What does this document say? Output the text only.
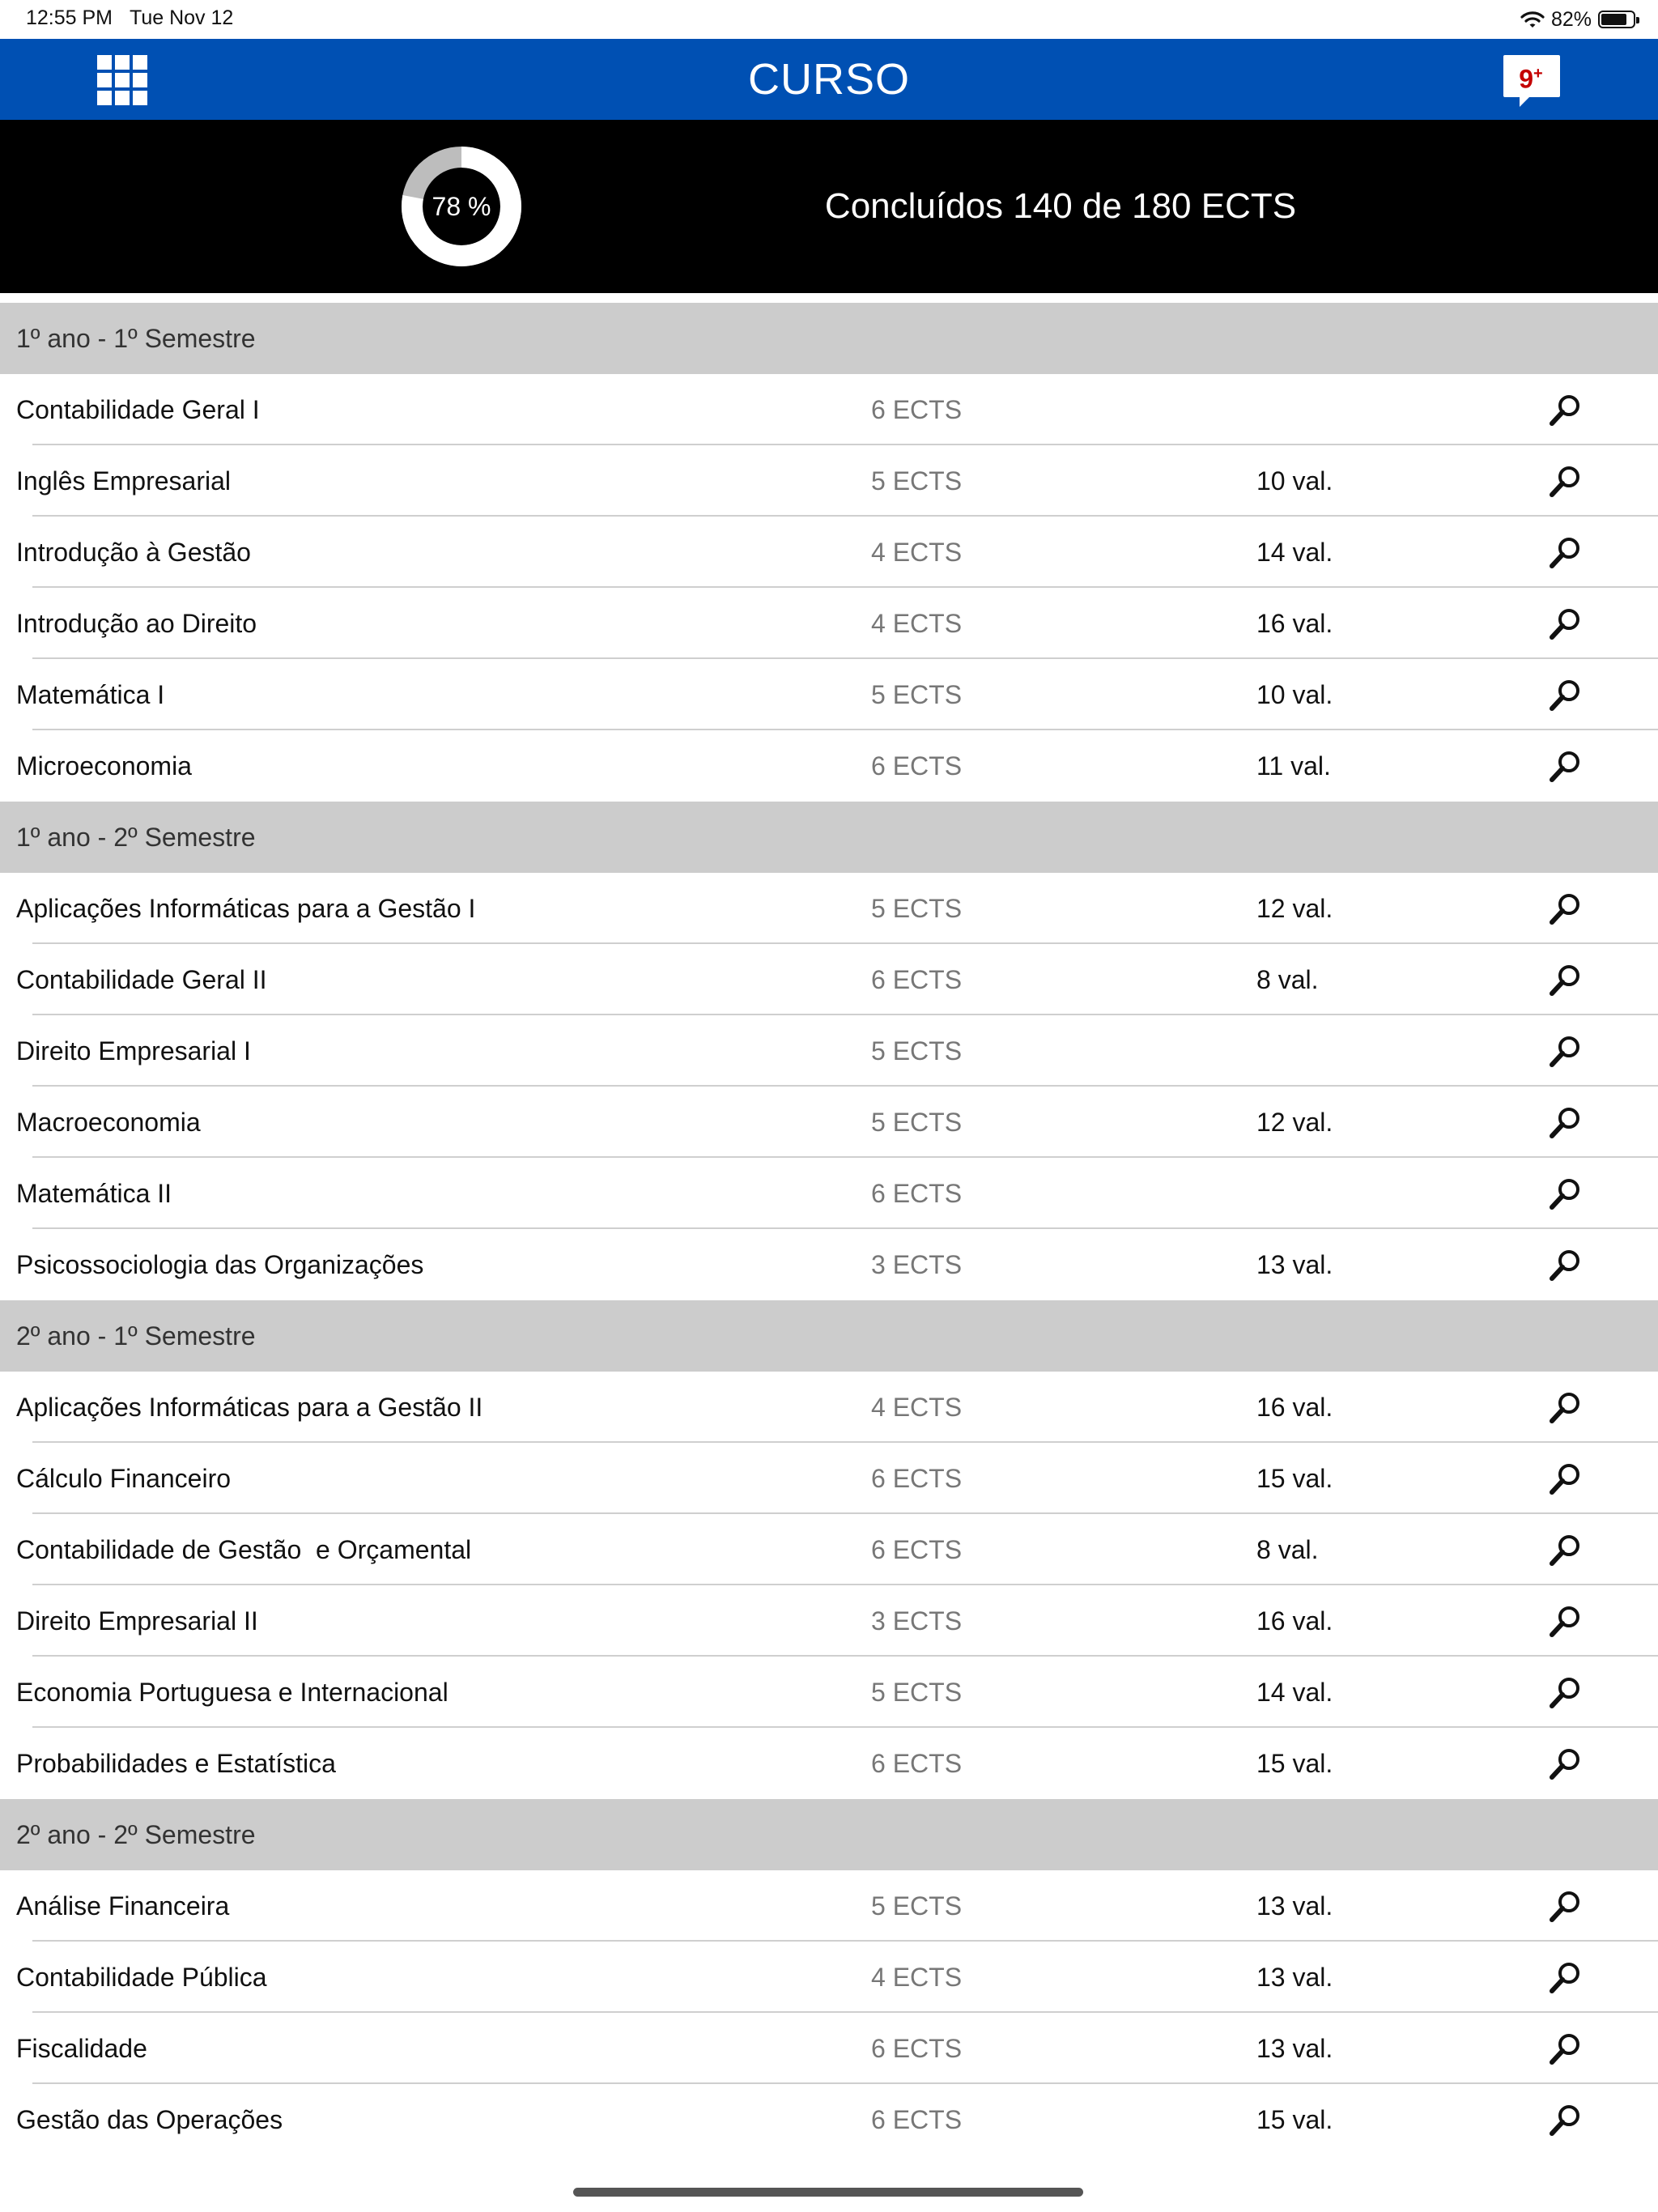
12:55 PM Tue Nov 12	82%
CURSO	9+
78 %	Concluídos 140 de 180 ECTS
1º ano - 1º Semestre
Contabilidade Geral I	6 ECTS
Inglês Empresarial	5 ECTS	10 val.
Introdução à Gestão	4 ECTS	14 val.
Introdução ao Direito	4 ECTS	16 val.
Matemática I	5 ECTS	10 val.
Microeconomia	6 ECTS	11 val.
1º ano - 2º Semestre
Aplicações Informáticas para a Gestão I	5 ECTS	12 val.
Contabilidade Geral II	6 ECTS	8 val.
Direito Empresarial I	5 ECTS
Macroeconomia	5 ECTS	12 val.
Matemática II	6 ECTS
Psicossociologia das Organizações	3 ECTS	13 val.
2º ano - 1º Semestre
Aplicações Informáticas para a Gestão II	4 ECTS	16 val.
Cálculo Financeiro	6 ECTS	15 val.
Contabilidade de Gestão  e Orçamental	6 ECTS	8 val.
Direito Empresarial II	3 ECTS	16 val.
Economia Portuguesa e Internacional	5 ECTS	14 val.
Probabilidades e Estatística	6 ECTS	15 val.
2º ano - 2º Semestre
Análise Financeira	5 ECTS	13 val.
Contabilidade Pública	4 ECTS	13 val.
Fiscalidade	6 ECTS	13 val.
Gestão das Operações	6 ECTS	15 val.
